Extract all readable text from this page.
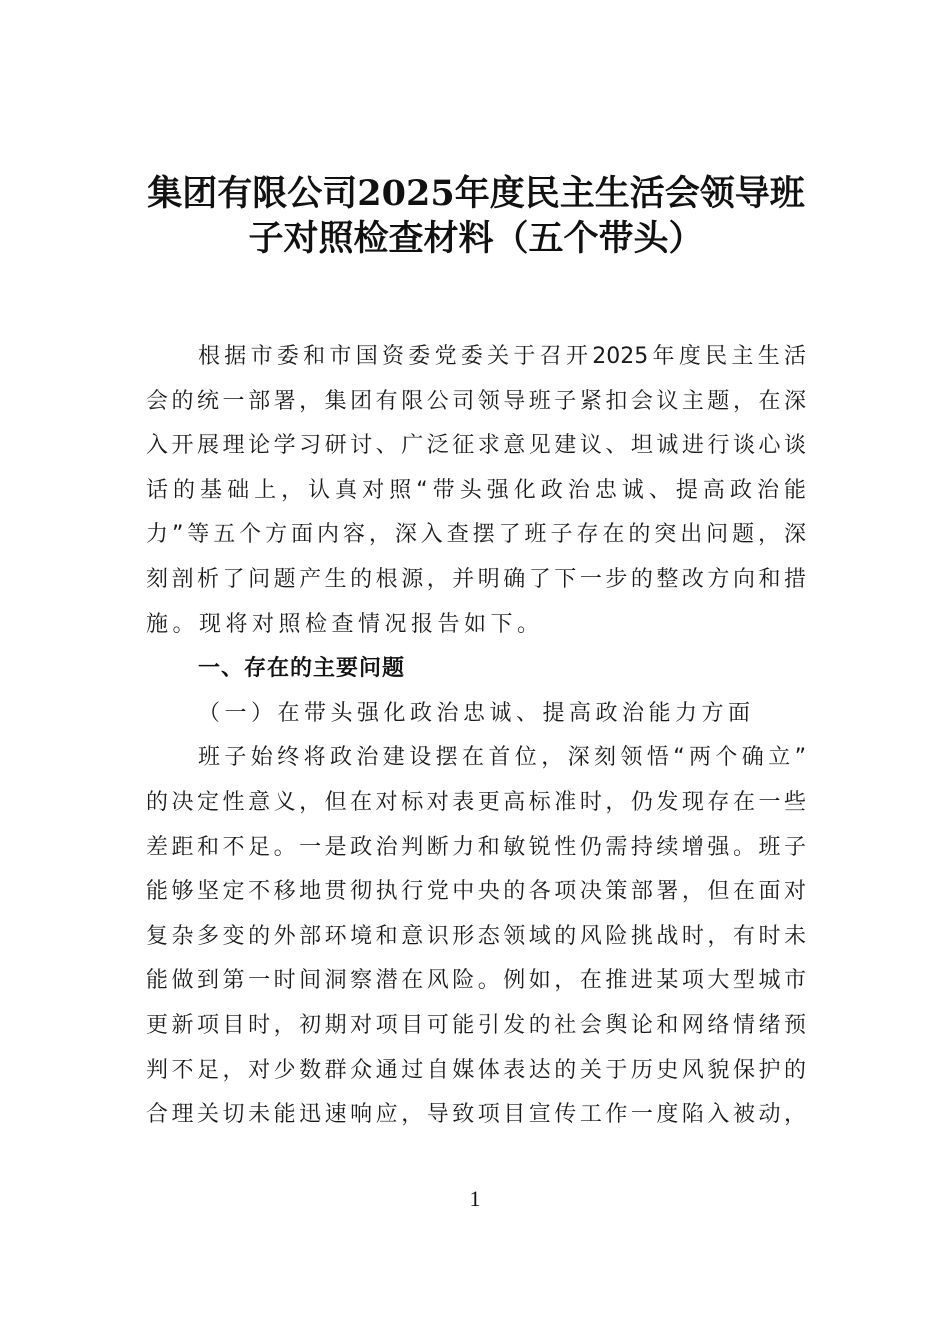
集团有限公司2025年度民主生活会领导班
子对照检查材料（五个带头）
根据市委和市国资委党委关于召开2025年度民主生活
会的统一部署，集团有限公司领导班子紧扣会议主题，在深
入开展理论学习研讨、广泛征求意见建议、坦诚进行谈心谈
话的基础上，认真对照“带头强化政治忠诚、提高政治能
力”等五个方面内容，深入查摆了班子存在的突出问题，深
刻剖析了问题产生的根源，并明确了下一步的整改方向和措
施。现将对照检查情况报告如下。
一、存在的主要问题
（一）在带头强化政治忠诚、提高政治能力方面
班子始终将政治建设摆在首位，深刻领悟“两个确立”
的决定性意义，但在对标对表更高标准时，仍发现存在一些
差距和不足。一是政治判断力和敏锐性仍需持续增强。班子
能够坚定不移地贯彻执行党中央的各项决策部署，但在面对
复杂多变的外部环境和意识形态领域的风险挑战时，有时未
能做到第一时间洞察潜在风险。例如，在推进某项大型城市
更新项目时，初期对项目可能引发的社会舆论和网络情绪预
判不足，对少数群众通过自媒体表达的关于历史风貌保护的
合理关切未能迅速响应，导致项目宣传工作一度陷入被动，
1
